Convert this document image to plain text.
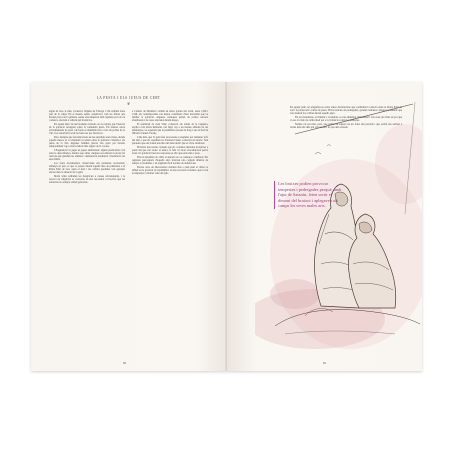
LA PESTA I ELS JUEUS DE CERT
❦

algun de fora. A més, s'acusava l'aljama de Tàrrega i s'hi atribuïa bona part de la culpa. En el mateix sentit, s'explicava com les febres que havien provocat la primera onada s'escampaven amb rapidesa per tota la comarca, afectant a tothom qui hi entrava.

En aquest marc de nerviosisme creixent, no és estrany que l'atenció de la població recaigués sobre la comunitat jueva. Els rumors sobre enverinaments de pous i de fonts es multiplicaven a tots els pobles de la vall, i les autoritats locals no feien res per aturar-los.

Però, malgrat que les indicacions de les autoritats eren clares, durant aquells mesos es va mantenir la tensió entre la població cristiana i els jueus de la vila. Algunes famílies jueves van optar per marxar temporalment cap a altres indrets més segurs de la corona.

L'Església hi va jugar un paper ambivalent: alguns predicadors van atiar la desconfiança, mentre que altres clergues recordaven la protecció reial de què gaudien les aljames i demanaven prudència i moderació als seus fidels.

Les fonts documentals conservades ens permeten reconstruir, almenys en part, el que va passar durant aquells dies de primavera a la Petita Edat de Gel, quan el fred i les collites perdudes van agreujar encara més la situació de la gent.

Molts veïns atribuïen les desgràcies a causes sobrenaturals, i la recerca de culpables es convertia en una necessitat col·lectiva que les autoritats no sempre sabien gestionar.

a Calders de Mombui i també en altres pobles del rodal, entre 1348 i 1349, els contemporanis van deixar constància d'una mortaldat que va delmar la població. Algunes cròniques parlen de pobles sencers abandonats i de cases tancades durant mesos.

El testimoni de Joan Vilar, conservat als arxius de la vegueria, explica com molts habitants van fugir cap a les masies aïllades de les muntanyes, tot esperant que la pestilència passés de llarg i que el fred de l'hivern n'aturés l'avenç.

I diu més, que 'la gent feia processons i pregàries per demanar la fi del mal, i que els capellans no donaven l'abast a enterrar els morts'. Són paraules que ens donen una idea del desconcert que es vivia aleshores.

Hi havia una tensió creixent que els cronistes mirarien d'explicar a partir del que van veure: el temor, la fam i la mort s'escampaven pertot arreu i la població buscava respostes en allò que tenia més a prop.

Fins al desembre de 1349, la situació no va començar a millorar. Els registres parroquials d'aquells anys mostren una caiguda dràstica de batejos i casaments, i un augment molt notable de defuncions.

Encara avui, els historiadors debaten fins a quin punt el clima va influir en la gravetat de l'epidèmia i en les reaccions violentes que la van acompanyar a moltes viles del país.

68

En aquest punt cal preguntar-se sobre altres declaracions que confirmen la relació entre la Petita Edat de Gel i la persecució contra els jueus. Hi ha notícies de pedregades, gelades tardanes i pluges persistents que van destruir les collites durant aquells anys.

Els dos fenòmens, el climàtic i el sanitari, es van alimentar mútuament i van crear un clima de por que va ser el caldo de cultiu ideal per a la violència contra les minories.

Només cal recordar, però, que també en aquest cas les fonts són parcials i que sovint ens arriben a través dels ulls dels qui van acusar i no pas dels acusats.

Les bruixes podien provocar tempestes i pedregades perquè, amb l'ajut de Satanàs, feien sortir el dimoni del bruixot i aplegaven als camps les seves males arts.
69
